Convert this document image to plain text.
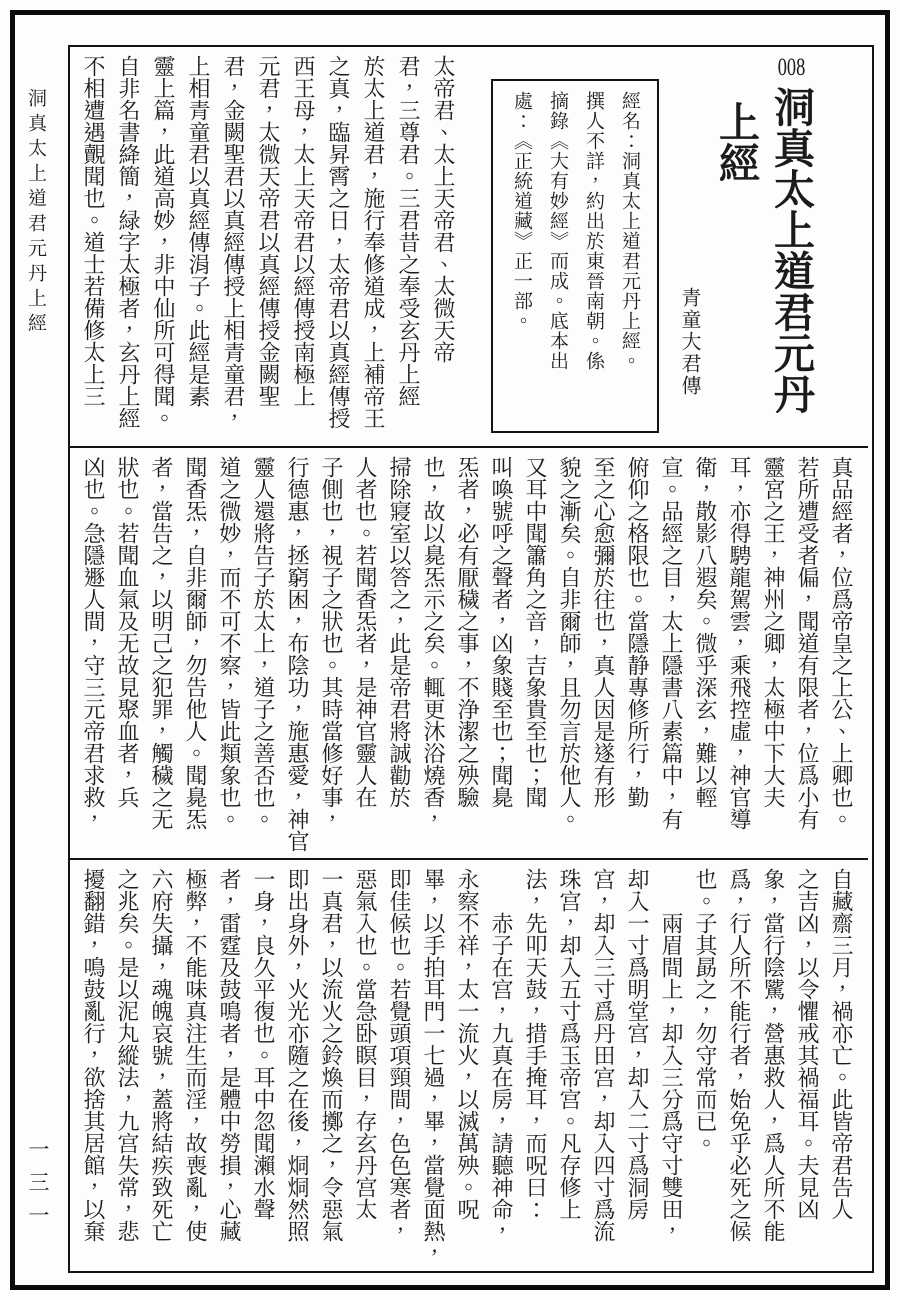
洞真太上道君元丹上經
一三一
008洞真太上道君元丹
上經
青童大君傳
經名：洞真太上道君元丹上經。
撰人不詳，約出於東晉南朝。係
摘錄《大有妙經》而成。底本出
處：《正統道藏》正一部。
太帝君、太上天帝君、太微天帝
君，三尊君。三君昔之奉受玄丹上經
於太上道君，施行奉修道成，上補帝王
之真，臨昇霄之日，太帝君以真經傳授
西王母，太上天帝君以經傳授南極上
元君，太微天帝君以真經傳授金闕聖
君，金闕聖君以真經傳授上相青童君，
上相青童君以真經傳涓子。此經是素
靈上篇，此道高妙，非中仙所可得聞。
自非名書絳簡，緑字太極者，玄丹上經
不相遭遇覿聞也。道士若備修太上三
真品經者，位爲帝皇之上公、上卿也。
若所遭受者偏，聞道有限者，位爲小有
靈宮之王，神州之卿，太極中下大夫
耳，亦得騁龍駕雲，乘飛控虛，神官導
衛，散影八遐矣。微乎深玄，難以輕
宣。品經之目，太上隱書八素篇中，有
俯仰之格限也。當隱静專修所行，勤
至之心愈彌於往也，真人因是遂有形
貌之漸矣。自非爾師，且勿言於他人。
又耳中聞簫角之音，吉象貴至也；聞
叫喚號呼之聲者，凶象賤至也；聞臰
炁者，必有厭穢之事，不浄潔之殃驗
也，故以臰炁示之矣。輒更沐浴燒香，
掃除寢室以答之，此是帝君將誠勸於
人者也。若聞香炁者，是神官靈人在
子側也，視子之狀也。其時當修好事，
行德惠，拯窮困，布陰功，施惠愛，神官
靈人還將告子於太上，道子之善否也。
道之微妙，而不可不察，皆此類象也。
聞香炁，自非爾師，勿告他人。聞臰炁
者，當告之，以明己之犯罪，觸穢之无
狀也。若聞血氣及无故見聚血者，兵
凶也。急隱遯人間，守三元帝君求救，
自藏齋三月，禍亦亡。此皆帝君告人
之吉凶，以令懼戒其禍福耳。夫見凶
象，當行陰騭，營惠救人，爲人所不能
爲，行人所不能行者，始免乎必死之候
也。子其勗之，勿守常而已。
　　兩眉間上，却入三分爲守寸雙田，
却入一寸爲明堂宫，却入二寸爲洞房
宫，却入三寸爲丹田宫，却入四寸爲流
珠宫，却入五寸爲玉帝宫。凡存修上
法，先叩天鼓，措手掩耳，而呪曰：
　　赤子在宫，九真在房，請聽神命，
永察不祥，太一流火，以滅萬殃。呪
畢，以手拍耳門一七過，畢，當覺面熱，
即佳候也。若覺頭項頸間，色色寒者，
惡氣入也。當急卧瞑目，存玄丹宫太
一真君，以流火之鈴煥而擲之，令惡氣
即出身外，火光亦隨之在後，烔烔然照
一身，良久平復也。耳中忽聞瀨水聲
者，雷霆及鼓鳴者，是體中勞損，心藏
極弊，不能味真注生而淫，故喪亂，使
六府失攝，魂魄哀號，蓋將結疾致死亡
之兆矣。是以泥丸縱法，九宫失常，悲
擾翻錯，鳴鼓亂行，欲捨其居館，以棄
